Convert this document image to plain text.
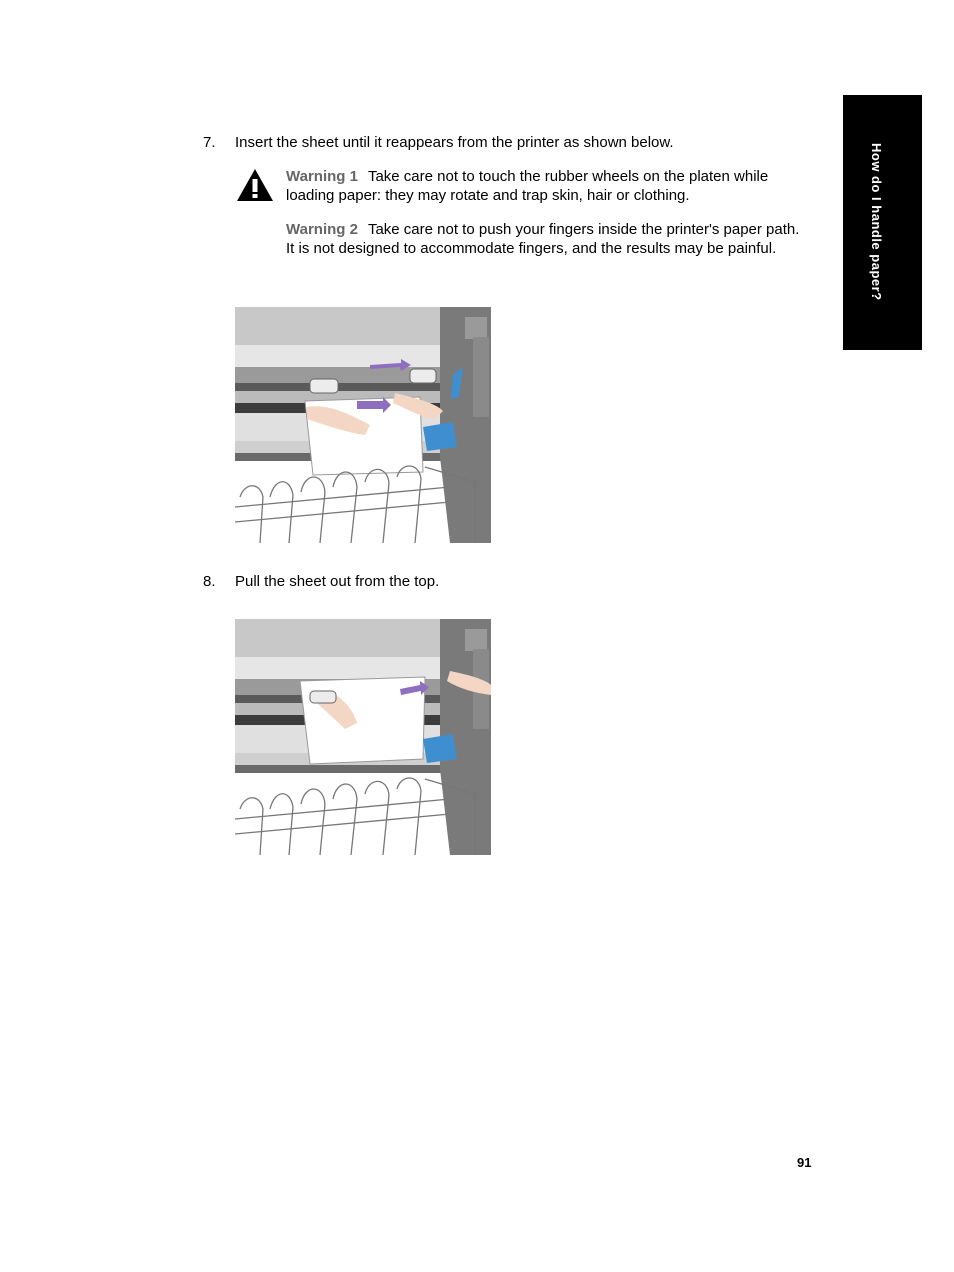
How do I handle paper?
7. Insert the sheet until it reappears from the printer as shown below.
Warning 1 Take care not to touch the rubber wheels on the platen while loading paper: they may rotate and trap skin, hair or clothing.
Warning 2 Take care not to push your fingers inside the printer's paper path. It is not designed to accommodate fingers, and the results may be painful.
8. Pull the sheet out from the top.
91
